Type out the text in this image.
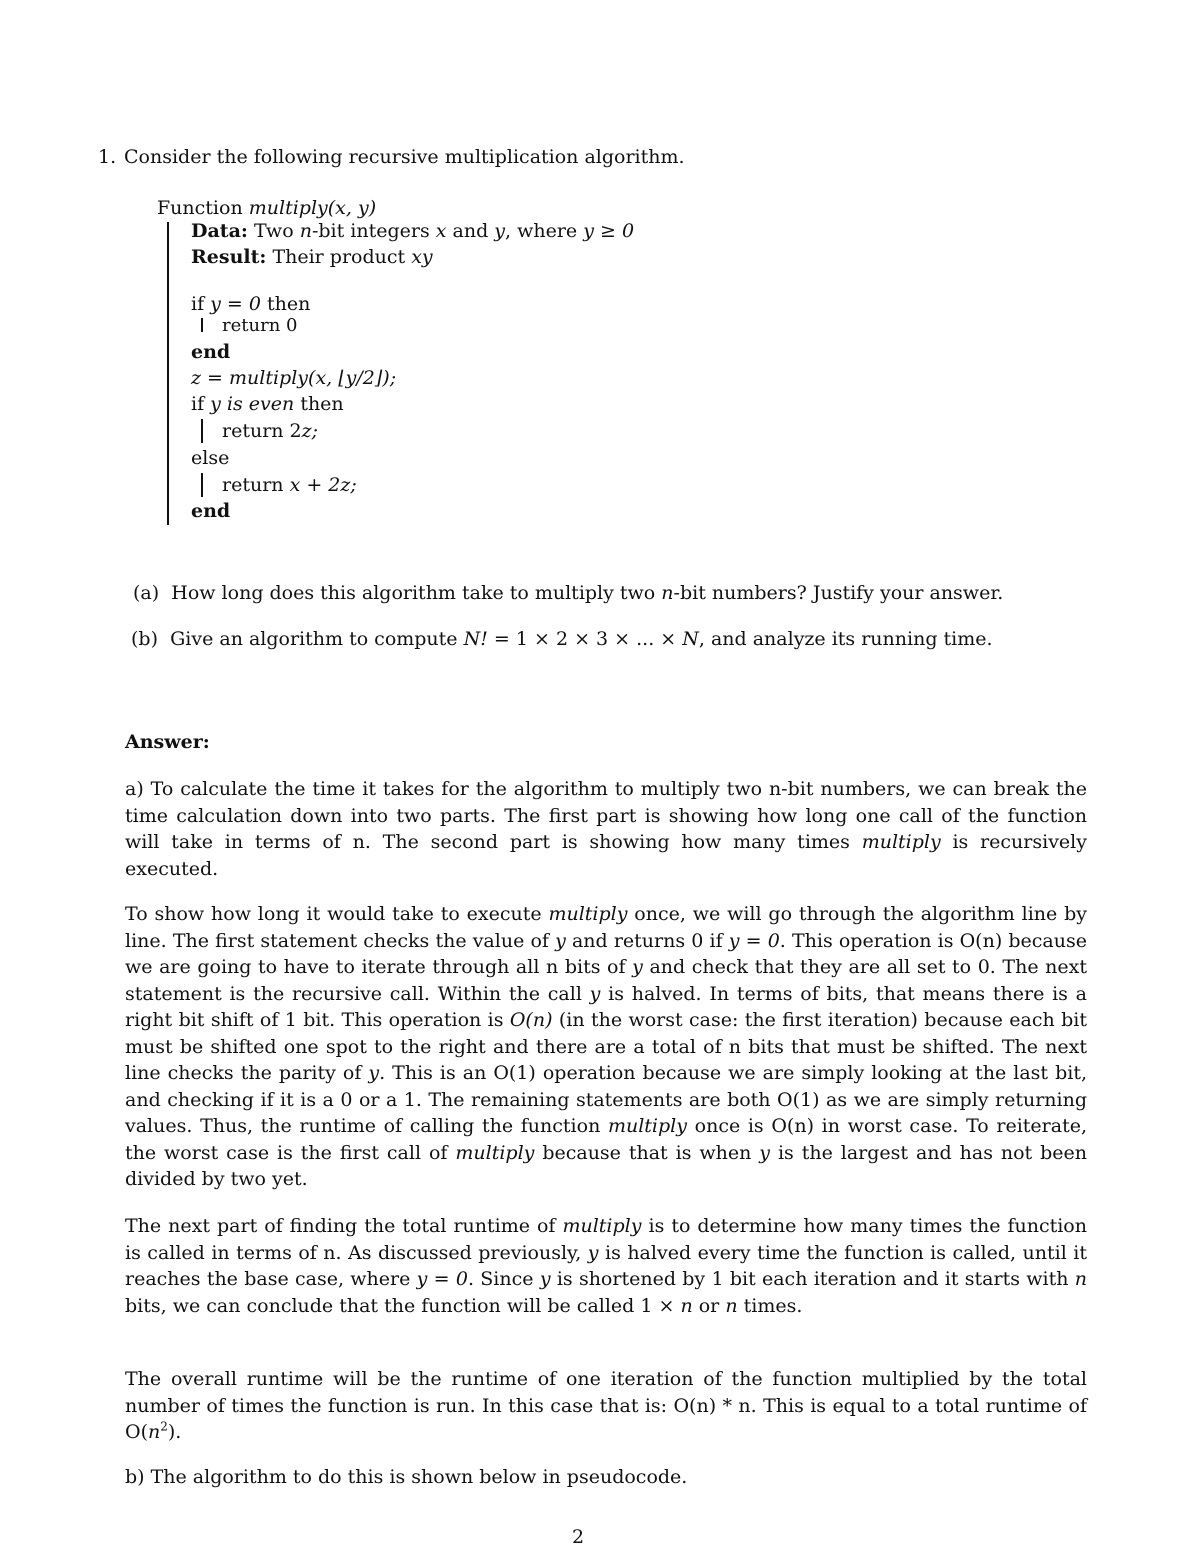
1. Consider the following recursive multiplication algorithm.
Function multiply(x, y)
Data: Two n-bit integers x and y, where y ≥ 0
Result: Their product xy
if y = 0 then
return 0
end
z = multiply(x, ⌊y/2⌋);
if y is even then
return 2z;
else
return x + 2z;
end
(a) How long does this algorithm take to multiply two n-bit numbers? Justify your answer.
(b) Give an algorithm to compute N! = 1 × 2 × 3 × ... × N, and analyze its running time.
Answer:
a) To calculate the time it takes for the algorithm to multiply two n-bit numbers, we can break the time calculation down into two parts. The first part is showing how long one call of the function will take in terms of n. The second part is showing how many times multiply is recursively executed.
To show how long it would take to execute multiply once, we will go through the algorithm line by line. The first statement checks the value of y and returns 0 if y = 0. This operation is O(n) because we are going to have to iterate through all n bits of y and check that they are all set to 0. The next statement is the recursive call. Within the call y is halved. In terms of bits, that means there is a right bit shift of 1 bit. This operation is O(n) (in the worst case: the first iteration) because each bit must be shifted one spot to the right and there are a total of n bits that must be shifted. The next line checks the parity of y. This is an O(1) operation because we are simply looking at the last bit, and checking if it is a 0 or a 1. The remaining statements are both O(1) as we are simply returning values. Thus, the runtime of calling the function multiply once is O(n) in worst case. To reiterate, the worst case is the first call of multiply because that is when y is the largest and has not been divided by two yet.
The next part of finding the total runtime of multiply is to determine how many times the function is called in terms of n. As discussed previously, y is halved every time the function is called, until it reaches the base case, where y = 0. Since y is shortened by 1 bit each iteration and it starts with n bits, we can conclude that the function will be called 1 × n or n times.
The overall runtime will be the runtime of one iteration of the function multiplied by the total number of times the function is run. In this case that is: O(n) * n. This is equal to a total runtime of $O(n^2)$.
b) The algorithm to do this is shown below in pseudocode.
2
